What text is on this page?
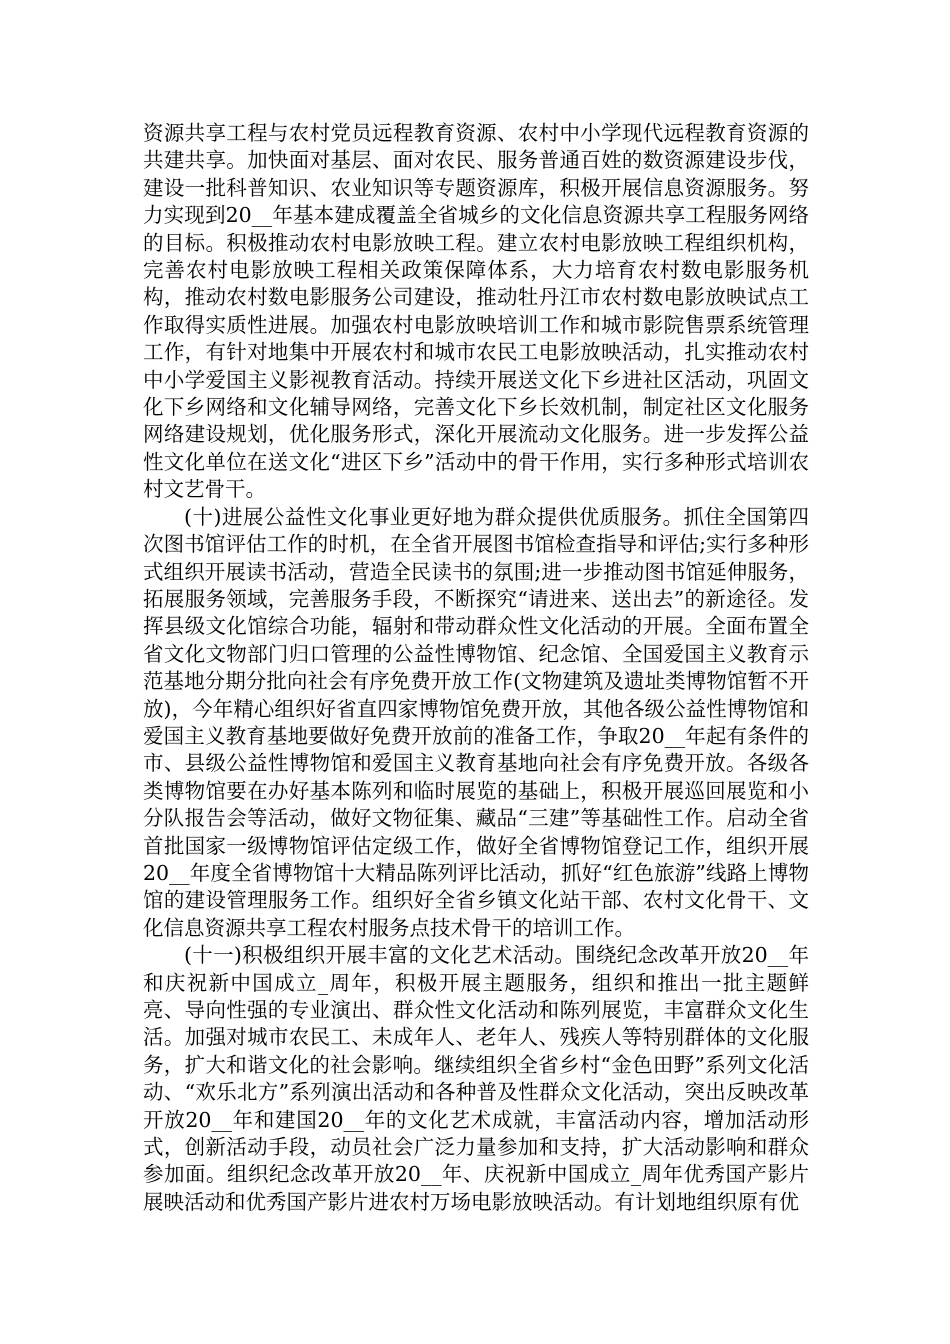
资源共享工程与农村党员远程教育资源、农村中小学现代远程教育资源的共建共享。加快面对基层、面对农民、服务普通百姓的数资源建设步伐，建设一批科普知识、农业知识等专题资源库，积极开展信息资源服务。努力实现到20__年基本建成覆盖全省城乡的文化信息资源共享工程服务网络的目标。积极推动农村电影放映工程。建立农村电影放映工程组织机构，完善农村电影放映工程相关政策保障体系，大力培育农村数电影服务机构，推动农村数电影服务公司建设，推动牡丹江市农村数电影放映试点工作取得实质性进展。加强农村电影放映培训工作和城市影院售票系统管理工作，有针对地集中开展农村和城市农民工电影放映活动，扎实推动农村中小学爱国主义影视教育活动。持续开展送文化下乡进社区活动，巩固文化下乡网络和文化辅导网络，完善文化下乡长效机制，制定社区文化服务网络建设规划，优化服务形式，深化开展流动文化服务。进一步发挥公益性文化单位在送文化“进区下乡”活动中的骨干作用，实行多种形式培训农村文艺骨干。

(十)进展公益性文化事业更好地为群众提供优质服务。抓住全国第四次图书馆评估工作的时机，在全省开展图书馆检查指导和评估;实行多种形式组织开展读书活动，营造全民读书的氛围;进一步推动图书馆延伸服务，拓展服务领域，完善服务手段，不断探究“请进来、送出去”的新途径。发挥县级文化馆综合功能，辐射和带动群众性文化活动的开展。全面布置全省文化文物部门归口管理的公益性博物馆、纪念馆、全国爱国主义教育示范基地分期分批向社会有序免费开放工作(文物建筑及遗址类博物馆暂不开放)，今年精心组织好省直四家博物馆免费开放，其他各级公益性博物馆和爱国主义教育基地要做好免费开放前的准备工作，争取20__年起有条件的市、县级公益性博物馆和爱国主义教育基地向社会有序免费开放。各级各类博物馆要在办好基本陈列和临时展览的基础上，积极开展巡回展览和小分队报告会等活动，做好文物征集、藏品“三建”等基础性工作。启动全省首批国家一级博物馆评估定级工作，做好全省博物馆登记工作，组织开展20__年度全省博物馆十大精品陈列评比活动，抓好“红色旅游”线路上博物馆的建设管理服务工作。组织好全省乡镇文化站干部、农村文化骨干、文化信息资源共享工程农村服务点技术骨干的培训工作。

(十一)积极组织开展丰富的文化艺术活动。围绕纪念改革开放20__年和庆祝新中国成立_周年，积极开展主题服务，组织和推出一批主题鲜亮、导向性强的专业演出、群众性文化活动和陈列展览，丰富群众文化生活。加强对城市农民工、未成年人、老年人、残疾人等特别群体的文化服务，扩大和谐文化的社会影响。继续组织全省乡村“金色田野”系列文化活动、“欢乐北方”系列演出活动和各种普及性群众文化活动，突出反映改革开放20__年和建国20__年的文化艺术成就，丰富活动内容，增加活动形式，创新活动手段，动员社会广泛力量参加和支持，扩大活动影响和群众参加面。组织纪念改革开放20__年、庆祝新中国成立_周年优秀国产影片展映活动和优秀国产影片进农村万场电影放映活动。有计划地组织原有优
